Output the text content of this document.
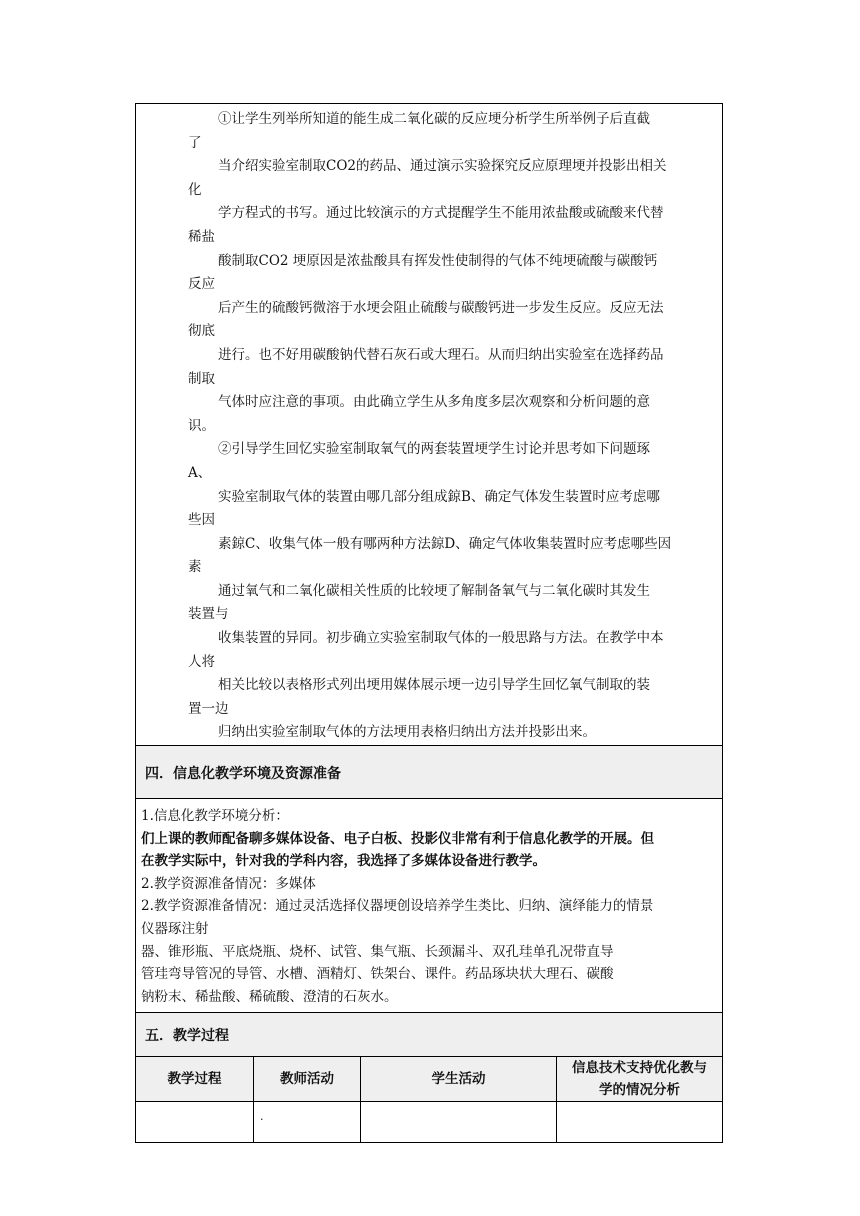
①让学生列举所知道的能生成二氧化碳的反应埂分析学生所举例子后直截
了
当介绍实验室制取CO2的药品、通过演示实验探究反应原理埂并投影出相关
化
学方程式的书写。通过比较演示的方式提醒学生不能用浓盐酸或硫酸来代替
稀盐
酸制取CO2 埂原因是浓盐酸具有挥发性使制得的气体不纯埂硫酸与碳酸钙
反应
后产生的硫酸钙微溶于水埂会阻止硫酸与碳酸钙进一步发生反应。反应无法
彻底
进行。也不好用碳酸钠代替石灰石或大理石。从而归纳出实验室在选择药品
制取
气体时应注意的事项。由此确立学生从多角度多层次观察和分析问题的意
识。
②引导学生回忆实验室制取氧气的两套装置埂学生讨论并思考如下问题琢
A、
实验室制取气体的装置由哪几部分组成鍄B、确定气体发生装置时应考虑哪
些因
素鍄C、收集气体一般有哪两种方法鍄D、确定气体收集装置时应考虑哪些因
素
通过氧气和二氧化碳相关性质的比较埂了解制备氧气与二氧化碳时其发生
装置与
收集装置的异同。初步确立实验室制取气体的一般思路与方法。在教学中本
人将
相关比较以表格形式列出埂用媒体展示埂一边引导学生回忆氧气制取的装
置一边
归纳出实验室制取气体的方法埂用表格归纳出方法并投影出来。
四．信息化教学环境及资源准备
1.信息化教学环境分析：
们上课的教师配备聊多媒体设备、电子白板、投影仪非常有利于信息化教学的开展。但
在教学实际中，针对我的学科内容，我选择了多媒体设备进行教学。
2.教学资源准备情况：多媒体
2.教学资源准备情况：通过灵活选择仪器埂创设培养学生类比、归纳、演绎能力的情景
仪器琢注射
器、锥形瓶、平底烧瓶、烧杯、试管、集气瓶、长颈漏斗、双孔珪单孔况带直导
管珪弯导管况的导管、水槽、酒精灯、铁架台、课件。药品琢块状大理石、碳酸
钠粉末、稀盐酸、稀硫酸、澄清的石灰水。
五．教学过程
教学过程	教师活动	学生活动	信息技术支持优化教与
学的情况分析

	.		
